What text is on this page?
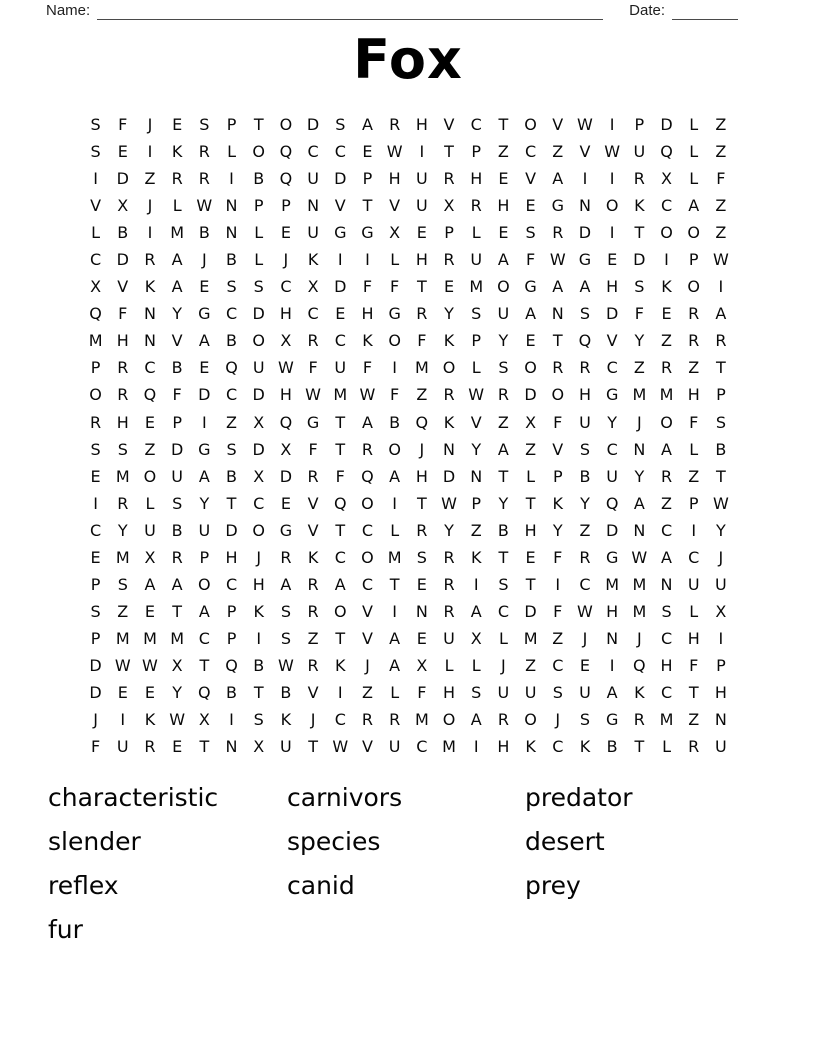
Name:	Date:
Fox
S	F	J	E	S	P	T	O D S	A	R H V	C	T	O V W	I	P	D	L	Z
S	E	I	K	R	L	O Q C	C	E W	I	T	P	Z	C	Z	V W U Q	L	Z
I	D Z	R	R	I	B Q U D	P	H U R H	E	V	A	I	I	R	X	L	F
V	X	J	L W N	P	P	N V	T	V U X	R H	E G N O K	C	A	Z
L	B	I	M B N	L	E	U G G X	E	P	L	E	S	R D	I	T	O O Z
C D R	A	J	B	L	J	K	I	I	L	H R U A	F W G E D	I	P W
X	V	K	A	E	S	S	C	X D	F	F	T	E M O G A	A H	S	K O	I
Q	F	N	Y	G C D H C	E	H G R	Y	S	U A N	S D	F	E	R	A
M H N V	A	B O X	R	C	K O	F	K	P	Y	E	T	Q V	Y	Z	R	R
P	R	C	B	E Q U W F	U	F	I	M O	L	S O R	R	C	Z	R	Z	T
O R Q	F	D C D H W M W F	Z	R W R D O H G M M H	P
R H	E	P	I	Z	X Q G	T	A	B Q K	V	Z	X	F	U	Y	J	O	F	S
S	S	Z D G S D X	F	T	R O	J	N	Y	A	Z	V	S	C N A	L	B
E M O U A	B	X D R	F	Q A H D N	T	L	P	B U	Y	R	Z	T
I	R	L	S	Y	T	C	E	V Q O	I	T W P	Y	T	K	Y	Q A	Z	P W
C	Y	U B U D O G V	T	C	L	R	Y	Z	B H	Y	Z D N C	I	Y
E M X	R	P	H	J	R	K	C O M S	R	K	T	E	F	R G W A	C	J
P	S	A	A O C H A	R	A	C	T	E	R	I	S	T	I	C M M N U U
S	Z	E	T	A	P	K	S	R O V	I	N R	A	C D	F W H M S	L	X
P M M M C	P	I	S	Z	T	V	A	E	U X	L M Z	J	N	J	C H	I
D W W X	T	Q B W R	K	J	A	X	L	L	J	Z	C	E	I	Q H	F	P
D E	E	Y	Q B	T	B	V	I	Z	L	F	H	S	U U	S	U A	K	C	T	H
J	I	K W X	I	S	K	J	C	R	R M O A	R O	J	S G R M Z N
F	U R	E	T	N X U	T W V U C M	I	H K	C	K	B	T	L	R U
characteristic
slender
reflex
fur
carnivors
species
canid
predator
desert
prey
